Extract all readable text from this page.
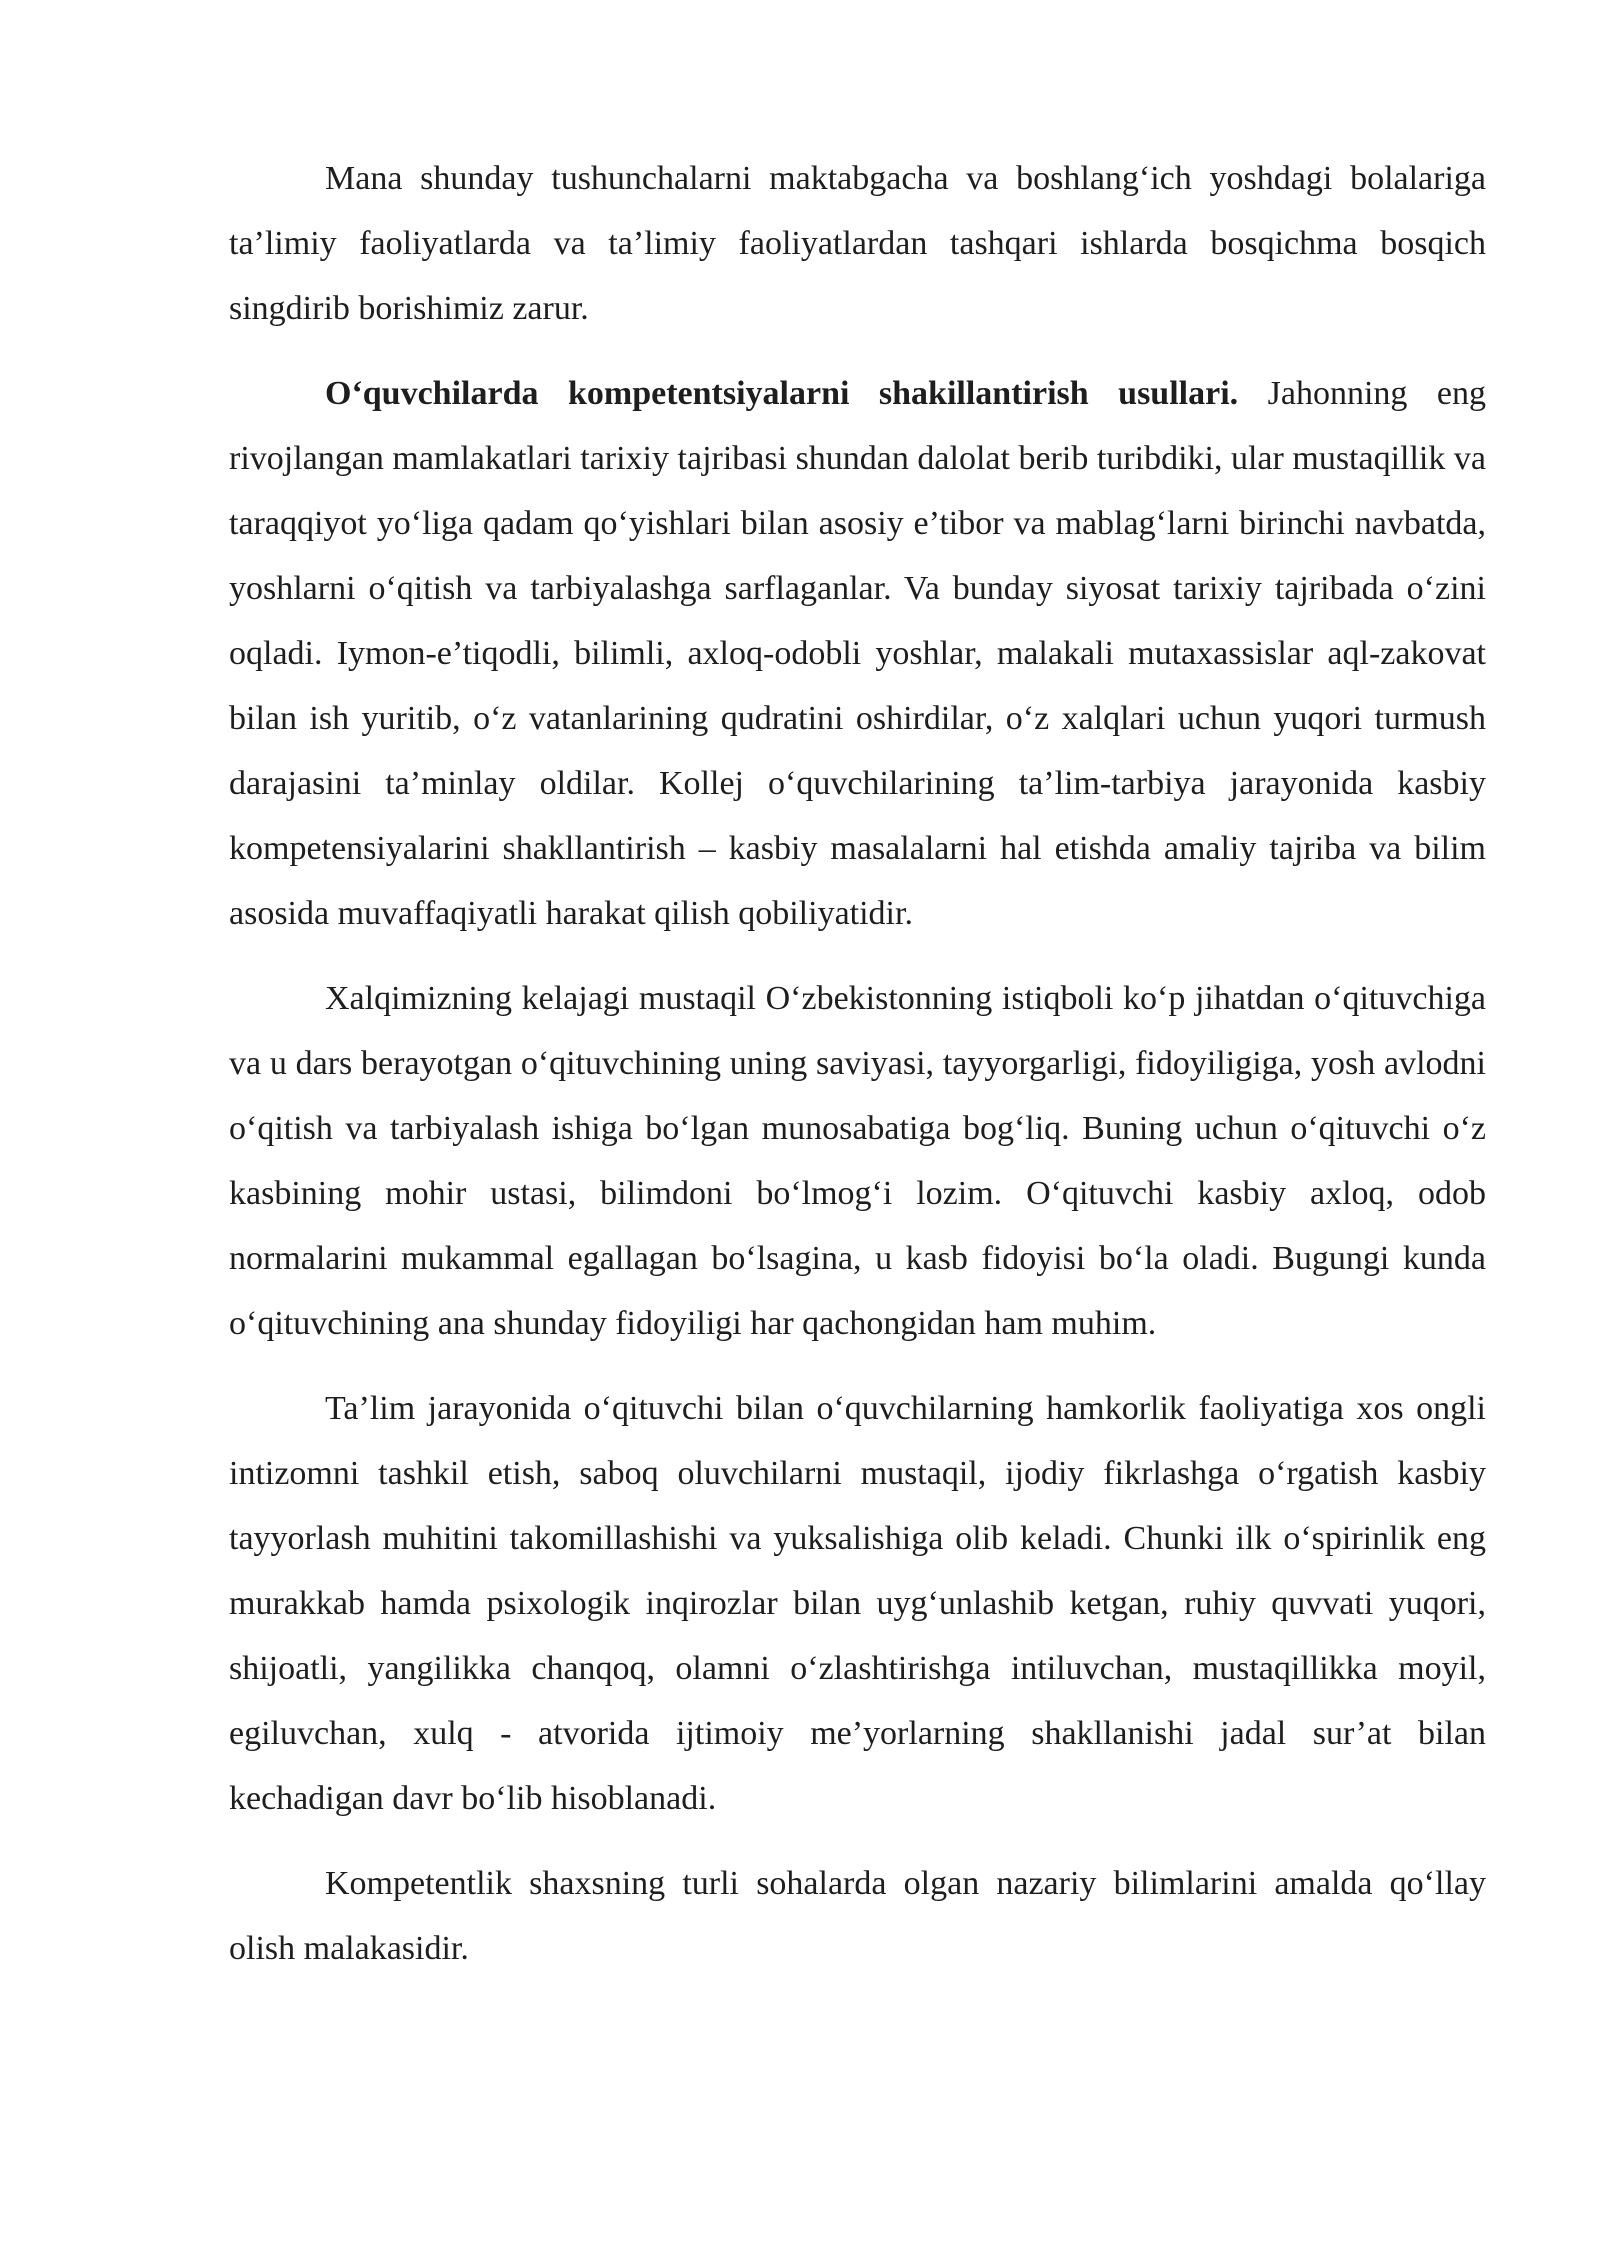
Mana shunday tushunchalarni maktabgacha va boshlang‘ich yoshdagi bolalariga ta’limiy faoliyatlarda va ta’limiy faoliyatlardan tashqari ishlarda bosqichma bosqich singdirib borishimiz zarur.

O‘quvchilarda kompetentsiyalarni shakillantirish usullari. Jahonning eng rivojlangan mamlakatlari tarixiy tajribasi shundan dalolat berib turibdiki, ular mustaqillik va taraqqiyot yo‘liga qadam qo‘yishlari bilan asosiy e’tibor va mablag‘larni birinchi navbatda, yoshlarni o‘qitish va tarbiyalashga sarflaganlar. Va bunday siyosat tarixiy tajribada o‘zini oqladi. Iymon-e’tiqodli, bilimli, axloq-odobli yoshlar, malakali mutaxassislar aql-zakovat bilan ish yuritib, o‘z vatanlarining qudratini oshirdilar, o‘z xalqlari uchun yuqori turmush darajasini ta’minlay oldilar. Kollej o‘quvchilarining ta’lim-tarbiya jarayonida kasbiy kompetensiyalarini shakllantirish – kasbiy masalalarni hal etishda amaliy tajriba va bilim asosida muvaffaqiyatli harakat qilish qobiliyatidir.

Xalqimizning kelajagi mustaqil O‘zbekistonning istiqboli ko‘p jihatdan o‘qituvchiga va u dars berayotgan o‘qituvchining uning saviyasi, tayyorgarligi, fidoyiligiga, yosh avlodni o‘qitish va tarbiyalash ishiga bo‘lgan munosabatiga bog‘liq. Buning uchun o‘qituvchi o‘z kasbining mohir ustasi, bilimdoni bo‘lmog‘i lozim. O‘qituvchi kasbiy axloq, odob normalarini mukammal egallagan bo‘lsagina, u kasb fidoyisi bo‘la oladi. Bugungi kunda o‘qituvchining ana shunday fidoyiligi har qachongidan ham muhim.

Ta’lim jarayonida o‘qituvchi bilan o‘quvchilarning hamkorlik faoliyatiga xos ongli intizomni tashkil etish, saboq oluvchilarni mustaqil, ijodiy fikrlashga o‘rgatish kasbiy tayyorlash muhitini takomillashishi va yuksalishiga olib keladi. Chunki ilk o‘spirinlik eng murakkab hamda psixologik inqirozlar bilan uyg‘unlashib ketgan, ruhiy quvvati yuqori, shijoatli, yangilikka chanqoq, olamni o‘zlashtirishga intiluvchan, mustaqillikka moyil, egiluvchan, xulq - atvorida ijtimoiy me’yorlarning shakllanishi jadal sur’at bilan kechadigan davr bo‘lib hisoblanadi.

Kompetentlik shaxsning turli sohalarda olgan nazariy bilimlarini amalda qo‘llay olish malakasidir.
